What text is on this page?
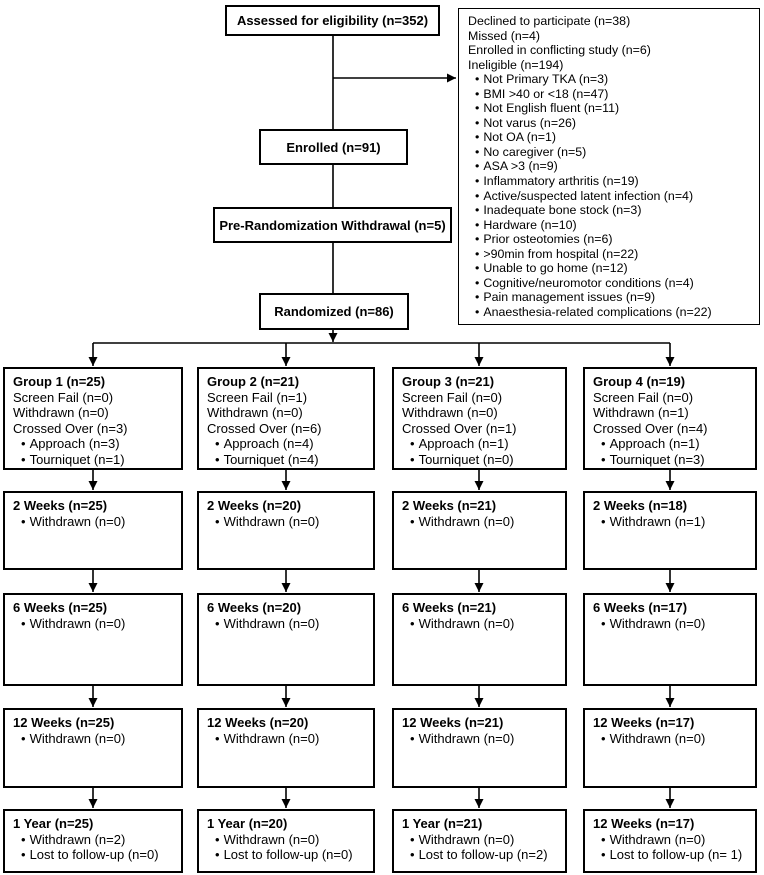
Assessed for eligibility (n=352)	Declined to participate (n=38)
Missed (n=4)
Enrolled in conflicting study (n=6)
Ineligible (n=194)
• Not Primary TKA (n=3)
• BMI >40 or <18 (n=47)
• Not English fluent (n=11)
• Not varus (n=26)
• Not OA (n=1)
• No caregiver (n=5)
• ASA >3 (n=9)
• Inflammatory arthritis (n=19)
• Active/suspected latent infection (n=4)
• Inadequate bone stock (n=3)
• Hardware (n=10)
• Prior osteotomies (n=6)
• >90min from hospital (n=22)
• Unable to go home (n=12)
• Cognitive/neuromotor conditions (n=4)
• Pain management issues (n=9)
• Anaesthesia-related complications (n=22)
Enrolled (n=91)
Pre-Randomization Withdrawal (n=5)
Randomized (n=86)
Group 1 (n=25)
Screen Fail (n=0)
Withdrawn (n=0)
Crossed Over (n=3)
• Approach (n=3)
• Tourniquet (n=1)
2 Weeks (n=25)
• Withdrawn (n=0)
6 Weeks (n=25)
• Withdrawn (n=0)
12 Weeks (n=25)
• Withdrawn (n=0)
1 Year (n=25)
• Withdrawn (n=2)
• Lost to follow-up (n=0)
Group 2 (n=21)
Screen Fail (n=1)
Withdrawn (n=0)
Crossed Over (n=6)
• Approach (n=4)
• Tourniquet (n=4)
2 Weeks (n=20)
• Withdrawn (n=0)
6 Weeks (n=20)
• Withdrawn (n=0)
12 Weeks (n=20)
• Withdrawn (n=0)
1 Year (n=20)
• Withdrawn (n=0)
• Lost to follow-up (n=0)
Group 3 (n=21)
Screen Fail (n=0)
Withdrawn (n=0)
Crossed Over (n=1)
• Approach (n=1)
• Tourniquet (n=0)
2 Weeks (n=21)
• Withdrawn (n=0)
6 Weeks (n=21)
• Withdrawn (n=0)
12 Weeks (n=21)
• Withdrawn (n=0)
1 Year (n=21)
• Withdrawn (n=0)
• Lost to follow-up (n=2)
Group 4 (n=19)
Screen Fail (n=0)
Withdrawn (n=1)
Crossed Over (n=4)
• Approach (n=1)
• Tourniquet (n=3)
2 Weeks (n=18)
• Withdrawn (n=1)
6 Weeks (n=17)
• Withdrawn (n=0)
12 Weeks (n=17)
• Withdrawn (n=0)
12 Weeks (n=17)
• Withdrawn (n=0)
• Lost to follow-up (n= 1)
